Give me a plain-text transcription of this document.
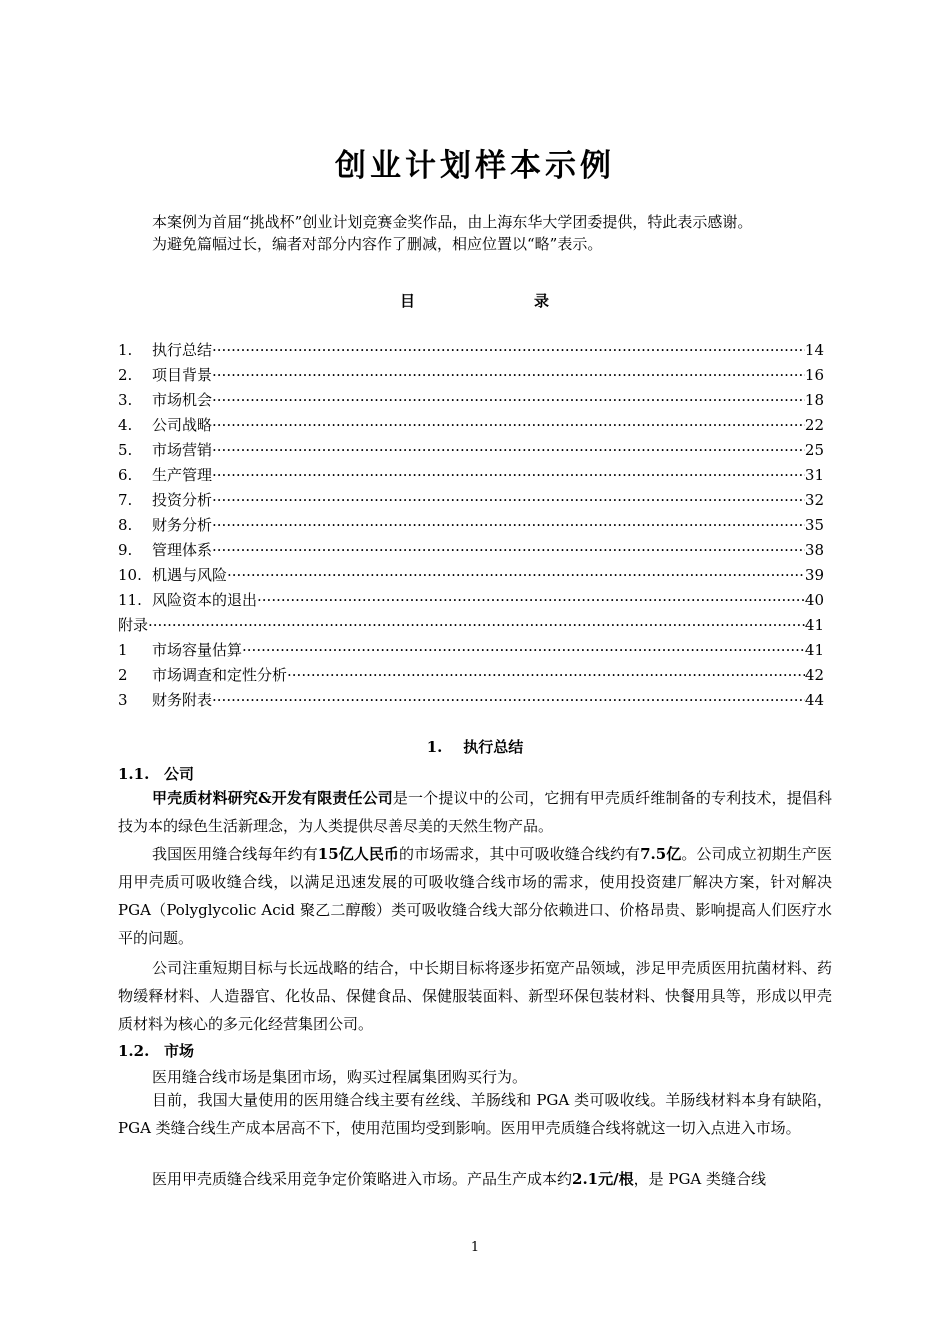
创业计划样本示例
本案例为首届“挑战杯”创业计划竞赛金奖作品，由上海东华大学团委提供，特此表示感谢。
为避免篇幅过长，编者对部分内容作了删减，相应位置以“略”表示。
目	录
1.	执行总结 ·····	14
2.	项目背景 ·····	16
3.	市场机会 ·····	18
4.	公司战略 ·····	22
5.	市场营销 ·····	25
6.	生产管理 ·····	31
7.	投资分析 ·····	32
8.	财务分析 ·····	35
9.	管理体系 ·····	38
10. 机遇与风险 ·····	39
11. 风险资本的退出 ·····	40
附录 ·····	41
1	市场容量估算 ·····	41
2	市场调查和定性分析 ·····	42
3	财务附表 ·····	44
1. 执行总结
1.1. 公司
甲壳质材料研究&开发有限责任公司是一个提议中的公司，它拥有甲壳质纤维制备的专利技术，提倡科技为本的绿色生活新理念，为人类提供尽善尽美的天然生物产品。
我国医用缝合线每年约有15亿人民币的市场需求，其中可吸收缝合线约有7.5亿。公司成立初期生产医用甲壳质可吸收缝合线，以满足迅速发展的可吸收缝合线市场的需求，使用投资建厂解决方案，针对解决 PGA（Polyglycolic Acid 聚乙二醇酸）类可吸收缝合线大部分依赖进口、价格昂贵、影响提高人们医疗水平的问题。
公司注重短期目标与长远战略的结合，中长期目标将逐步拓宽产品领域，涉足甲壳质医用抗菌材料、药物缓释材料、人造器官、化妆品、保健食品、保健服装面料、新型环保包装材料、快餐用具等，形成以甲壳质材料为核心的多元化经营集团公司。
1.2. 市场
医用缝合线市场是集团市场，购买过程属集团购买行为。
目前，我国大量使用的医用缝合线主要有丝线、羊肠线和 PGA 类可吸收线。羊肠线材料本身有缺陷，PGA 类缝合线生产成本居高不下，使用范围均受到影响。医用甲壳质缝合线将就这一切入点进入市场。
医用甲壳质缝合线采用竞争定价策略进入市场。产品生产成本约2.1元/根，是 PGA 类缝合线
1
